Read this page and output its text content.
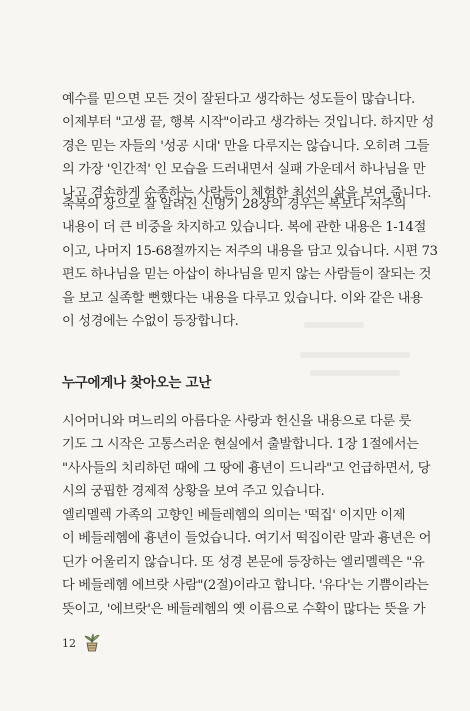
예수를 믿으면 모든 것이 잘된다고 생각하는 성도들이 많습니다.
이제부터 "고생 끝, 행복 시작"이라고 생각하는 것입니다. 하지만 성
경은 믿는 자들의 '성공 시대' 만을 다루지는 않습니다. 오히려 그들
의 가장 '인간적' 인 모습을 드러내면서 실패 가운데서 하나님을 만
나고 겸손하게 순종하는 사람들이 체험한 최선의 삶을 보여 줍니다.
축복의 장으로 잘 알려진 신명기 28장의 경우는 복보다 저주의
내용이 더 큰 비중을 차지하고 있습니다. 복에 관한 내용은 1-14절
이고, 나머지 15-68절까지는 저주의 내용을 담고 있습니다. 시편 73
편도 하나님을 믿는 아삽이 하나님을 믿지 않는 사람들이 잘되는 것
을 보고 실족할 뻔했다는 내용을 다루고 있습니다. 이와 같은 내용
이 성경에는 수없이 등장합니다.
누구에게나 찾아오는 고난
시어머니와 며느리의 아름다운 사랑과 헌신을 내용으로 다룬 룻
기도 그 시작은 고통스러운 현실에서 출발합니다. 1장 1절에서는
"사사들의 치리하던 때에 그 땅에 흉년이 드니라"고 언급하면서, 당
시의 궁핍한 경제적 상황을 보여 주고 있습니다.
엘리멜렉 가족의 고향인 베들레헴의 의미는 '떡집' 이지만 이제
이 베들레헴에 흉년이 들었습니다. 여기서 떡집이란 말과 흉년은 어
딘가 어울리지 않습니다. 또 성경 본문에 등장하는 엘리멜렉은 "유
다 베들레헴 에브랏 사람"(2절)이라고 합니다. '유다'는 기쁨이라는
뜻이고, '에브랏'은 베들레헴의 옛 이름으로 수확이 많다는 뜻을 가
12
